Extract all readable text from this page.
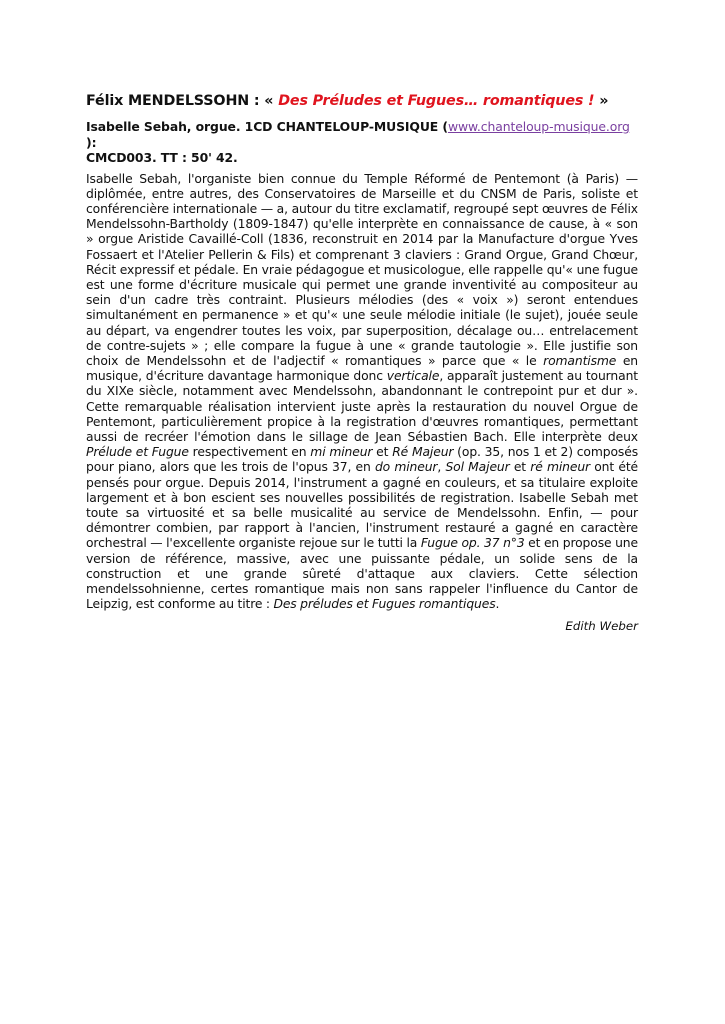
Félix MENDELSSOHN : « Des Préludes et Fugues… romantiques ! »

Isabelle Sebah, orgue. 1CD CHANTELOUP-MUSIQUE (www.chanteloup-musique.org ):
CMCD003. TT : 50' 42.

Isabelle Sebah, l'organiste bien connue du Temple Réformé de Pentemont (à Paris) — diplômée, entre autres, des Conservatoires de Marseille et du CNSM de Paris, soliste et conférencière internationale — a, autour du titre exclamatif, regroupé sept œuvres de Félix Mendelssohn-Bartholdy (1809-1847) qu'elle interprète en connaissance de cause, à « son » orgue Aristide Cavaillé-Coll (1836, reconstruit en 2014 par la Manufacture d'orgue Yves Fossaert et l'Atelier Pellerin & Fils) et comprenant 3 claviers : Grand Orgue, Grand Chœur, Récit expressif et pédale. En vraie pédagogue et musicologue, elle rappelle qu'« une fugue est une forme d'écriture musicale qui permet une grande inventivité au compositeur au sein d'un cadre très contraint. Plusieurs mélodies (des « voix ») seront entendues simultanément en permanence » et qu'« une seule mélodie initiale (le sujet), jouée seule au départ, va engendrer toutes les voix, par superposition, décalage ou… entrelacement de contre-sujets » ; elle compare la fugue à une « grande tautologie ». Elle justifie son choix de Mendelssohn et de l'adjectif « romantiques » parce que « le romantisme en musique, d'écriture davantage harmonique donc verticale, apparaît justement au tournant du XIXe siècle, notamment avec Mendelssohn, abandonnant le contrepoint pur et dur ». Cette remarquable réalisation intervient juste après la restauration du nouvel Orgue de Pentemont, particulièrement propice à la registration d'œuvres romantiques, permettant aussi de recréer l'émotion dans le sillage de Jean Sébastien Bach. Elle interprète deux Prélude et Fugue respectivement en mi mineur et Ré Majeur (op. 35, nos 1 et 2) composés pour piano, alors que les trois de l'opus 37, en do mineur, Sol Majeur et ré mineur ont été pensés pour orgue. Depuis 2014, l'instrument a gagné en couleurs, et sa titulaire exploite largement et à bon escient ses nouvelles possibilités de registration. Isabelle Sebah met toute sa virtuosité et sa belle musicalité au service de Mendelssohn. Enfin, — pour démontrer combien, par rapport à l'ancien, l'instrument restauré a gagné en caractère orchestral — l'excellente organiste rejoue sur le tutti la Fugue op. 37 n°3 et en propose une version de référence, massive, avec une puissante pédale, un solide sens de la construction et une grande sûreté d'attaque aux claviers. Cette sélection mendelssohnienne, certes romantique mais non sans rappeler l'influence du Cantor de Leipzig, est conforme au titre : Des préludes et Fugues romantiques.

Edith Weber
